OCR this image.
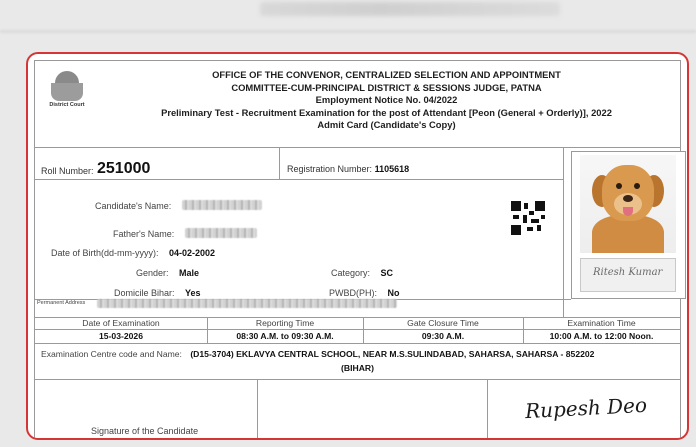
District Court
OFFICE OF THE CONVENOR, CENTRALIZED SELECTION AND APPOINTMENT
COMMITTEE-CUM-PRINCIPAL DISTRICT & SESSIONS JUDGE, PATNA
Employment Notice No. 04/2022
Preliminary Test - Recruitment Examination for the post of Attendant [Peon (General + Orderly)], 2022
Admit Card (Candidate's Copy)
Roll Number: 251000	Registration Number: 1105618
Candidate's Name:
Father's Name:
Date of Birth(dd-mm-yyyy): 04-02-2002
Gender: Male	Category: SC
Domicile Bihar: Yes	PWBD(PH): No
Ritesh Kumar
Permanent Address
Date of Examination	Reporting Time	Gate Closure Time	Examination Time
15-03-2026	08:30 A.M. to 09:30 A.M.	09:30 A.M.	10:00 A.M. to 12:00 Noon.
Examination Centre code and Name: (D15-3704) EKLAVYA CENTRAL SCHOOL, NEAR M.S.SULINDABAD, SAHARSA, SAHARSA - 852202
(BIHAR)
Signature of the Candidate
Rupesh Deo
